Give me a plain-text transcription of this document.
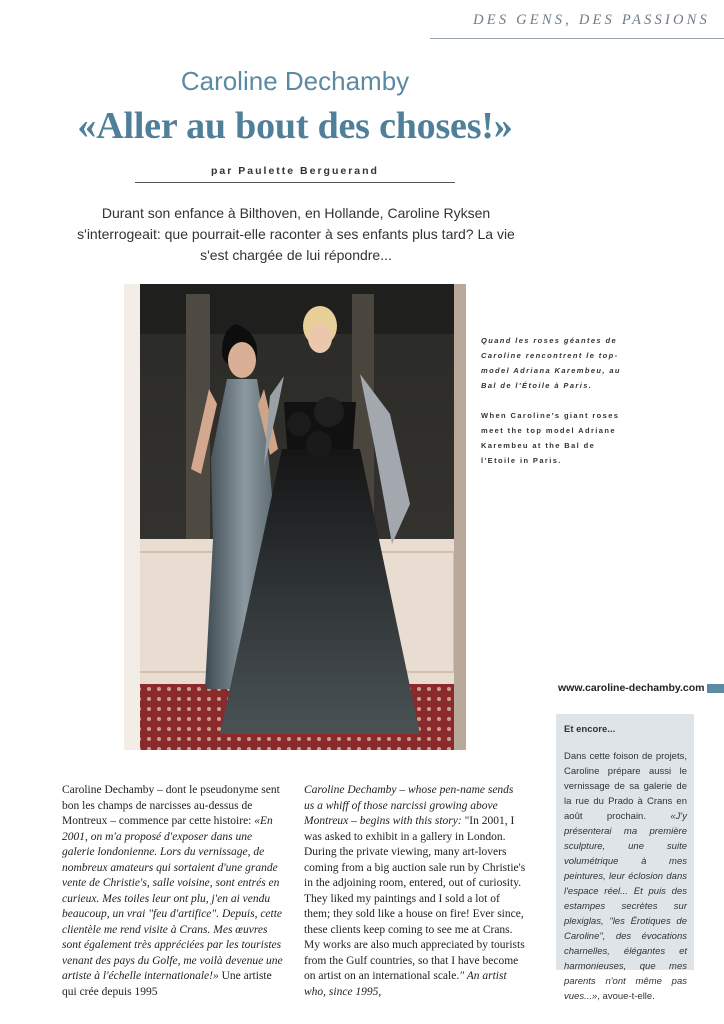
DES GENS, DES PASSIONS
Caroline Dechamby
«Aller au bout des choses!»
par Paulette Berguerand
Durant son enfance à Bilthoven, en Hollande, Caroline Ryksen s'interrogeait: que pourrait-elle raconter à ses enfants plus tard? La vie s'est chargée de lui répondre...

Quand les roses géantes de Caroline rencontrent le top-model Adriana Karembeu, au Bal de l'Étoile à Paris.

When Caroline's giant roses meet the top model Adriane Karembeu at the Bal de l'Etoile in Paris.

www.caroline-dechamby.com
Et encore...
Dans cette foison de projets, Caroline prépare aussi le vernissage de sa galerie de la rue du Prado à Crans en août prochain. «J'y présenterai ma première sculpture, une suite volumétrique à mes peintures, leur éclosion dans l'espace réel... Et puis des estampes secrètes sur plexiglas, "les Érotiques de Caroline", des évocations charnelles, élégantes et harmonieuses, que mes parents n'ont même pas vues...», avoue-t-elle.
Caroline Dechamby – dont le pseudonyme sent bon les champs de narcisses au-dessus de Montreux – commence par cette histoire: «En 2001, on m'a proposé d'exposer dans une galerie londonienne. Lors du vernissage, de nombreux amateurs qui sortaient d'une grande vente de Christie's, salle voisine, sont entrés en curieux. Mes toiles leur ont plu, j'en ai vendu beaucoup, un vrai "feu d'artifice". Depuis, cette clientèle me rend visite à Crans. Mes œuvres sont également très appréciées par les touristes venant des pays du Golfe, me voilà devenue une artiste à l'échelle internationale!» Une artiste qui crée depuis 1995
Caroline Dechamby – whose pen-name sends us a whiff of those narcissi growing above Montreux – begins with this story: "In 2001, I was asked to exhibit in a gallery in London. During the private viewing, many art-lovers coming from a big auction sale run by Christie's in the adjoining room, entered, out of curiosity. They liked my paintings and I sold a lot of them; they sold like a house on fire! Ever since, these clients keep coming to see me at Crans. My works are also much appreciated by tourists from the Gulf countries, so that I have become on artist on an international scale." An artist who, since 1995,
